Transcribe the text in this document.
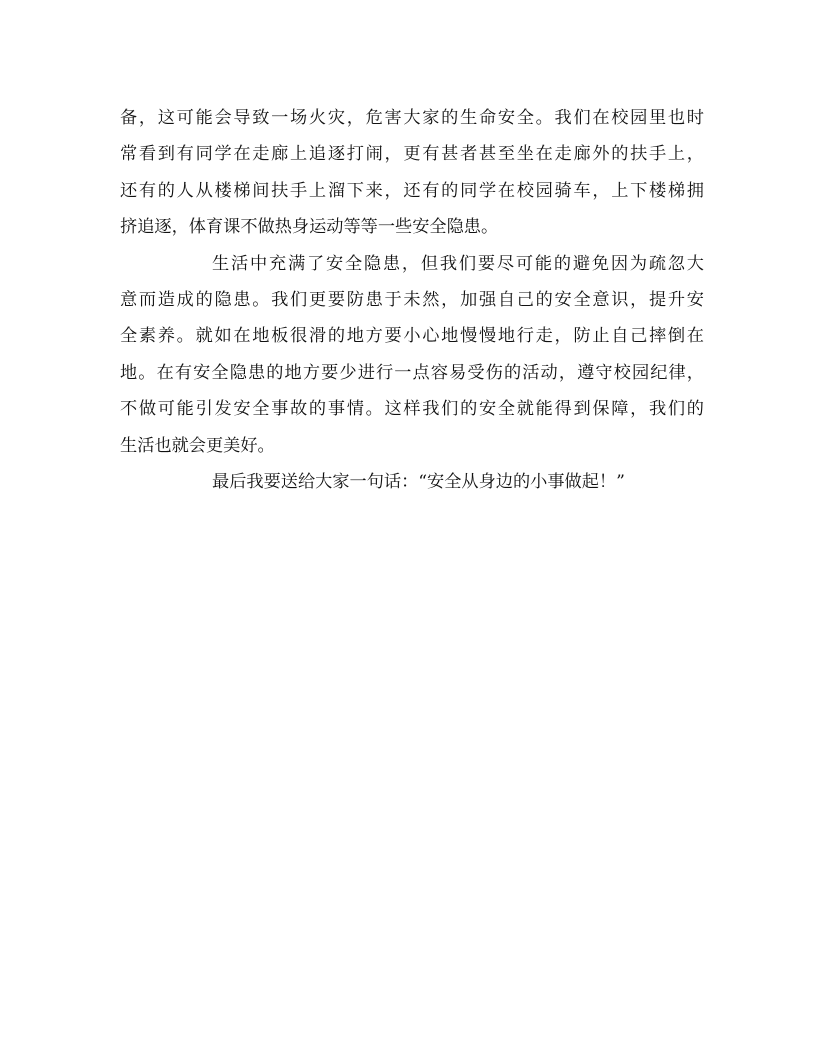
备，这可能会导致一场火灾，危害大家的生命安全。我们在校园里也时
常看到有同学在走廊上追逐打闹，更有甚者甚至坐在走廊外的扶手上，
还有的人从楼梯间扶手上溜下来，还有的同学在校园骑车，上下楼梯拥
挤追逐，体育课不做热身运动等等一些安全隐患。
生活中充满了安全隐患，但我们要尽可能的避免因为疏忽大
意而造成的隐患。我们更要防患于未然，加强自己的安全意识，提升安
全素养。就如在地板很滑的地方要小心地慢慢地行走，防止自己摔倒在
地。在有安全隐患的地方要少进行一点容易受伤的活动，遵守校园纪律，
不做可能引发安全事故的事情。这样我们的安全就能得到保障，我们的
生活也就会更美好。
最后我要送给大家一句话：“安全从身边的小事做起！”
